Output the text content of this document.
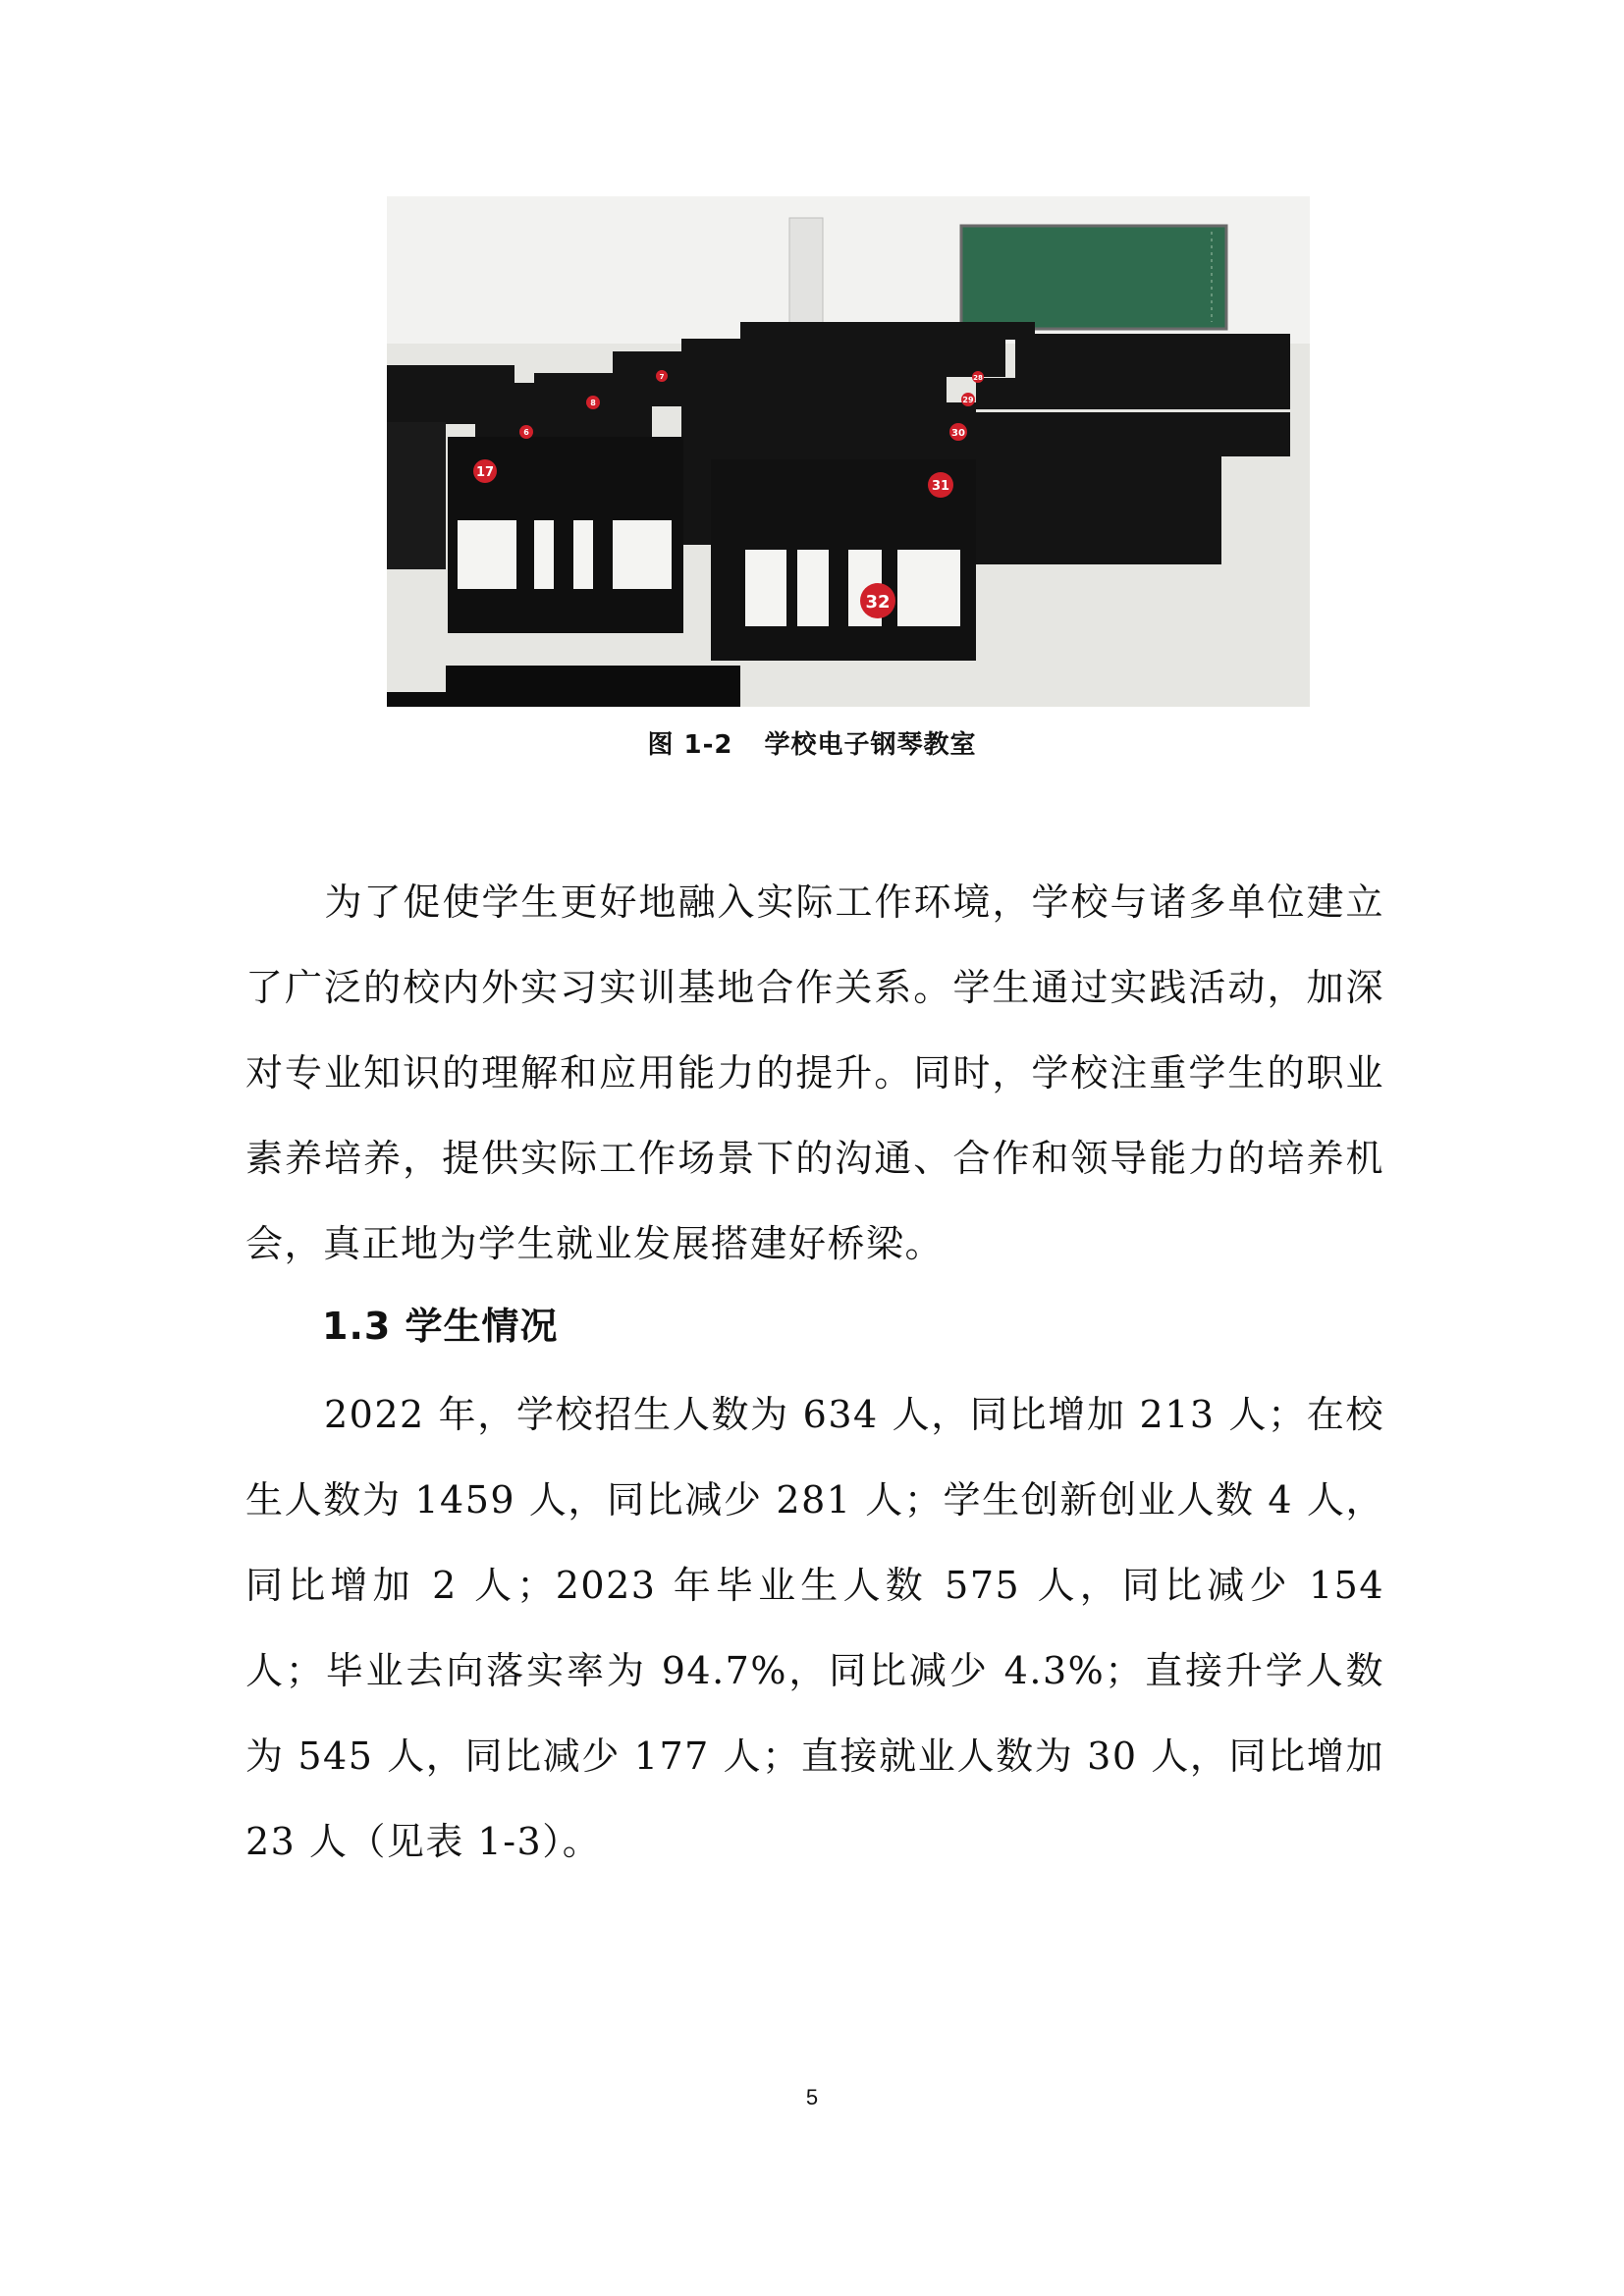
17
32
31
30
29
28
8
7
6
图 1-2 学校电子钢琴教室

为了促使学生更好地融入实际工作环境，学校与诸多单位建立了广泛的校内外实习实训基地合作关系。学生通过实践活动，加深对专业知识的理解和应用能力的提升。同时，学校注重学生的职业素养培养，提供实际工作场景下的沟通、合作和领导能力的培养机会，真正地为学生就业发展搭建好桥梁。

1.3 学生情况

2022 年，学校招生人数为 634 人，同比增加 213 人；在校生人数为 1459 人，同比减少 281 人；学生创新创业人数 4 人，同比增加 2 人；2023 年毕业生人数 575 人，同比减少 154 人；毕业去向落实率为 94.7%，同比减少 4.3%；直接升学人数为 545 人，同比减少 177 人；直接就业人数为 30 人，同比增加 23 人（见表 1-3）。

5
